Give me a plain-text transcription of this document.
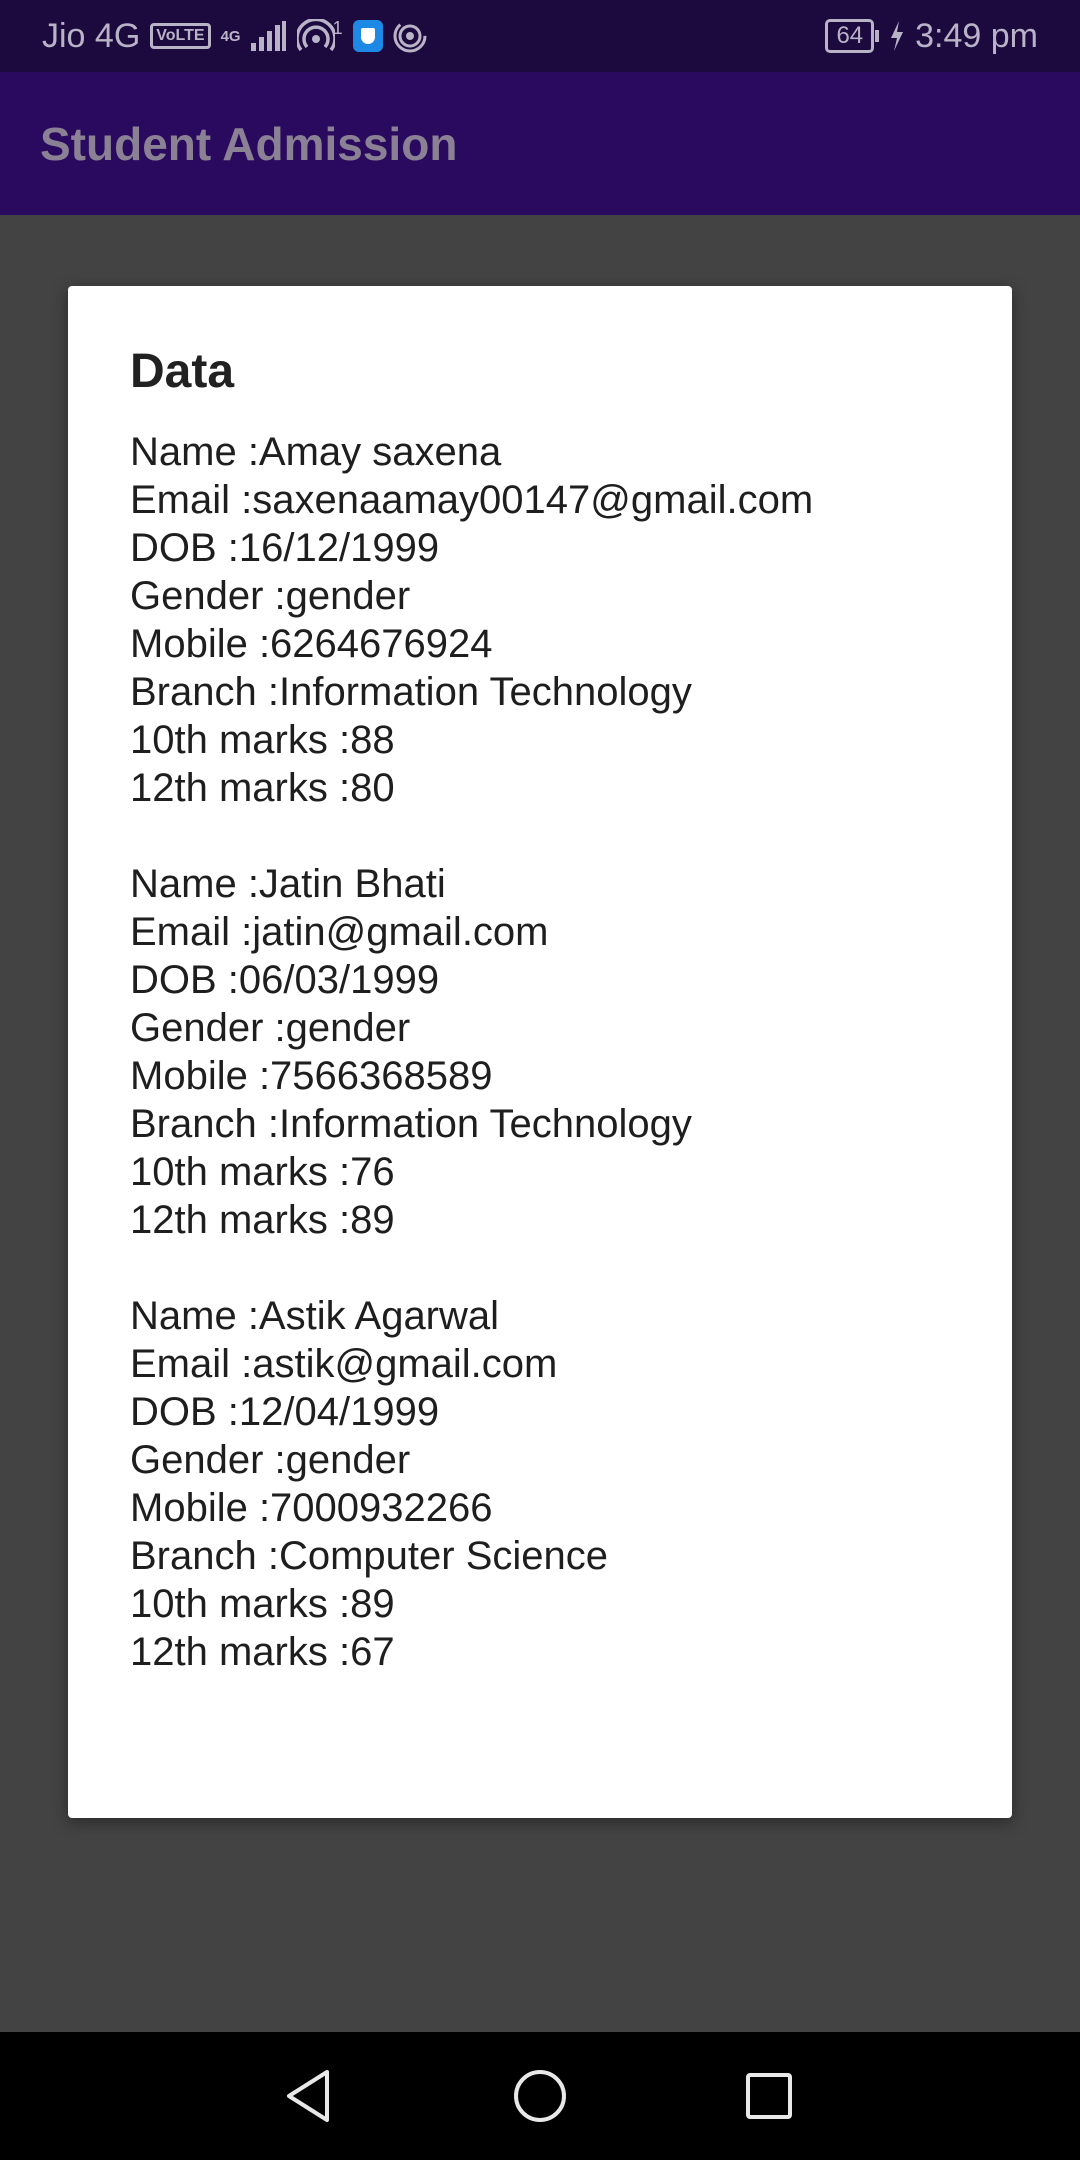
Jio 4G	VoLTE	4G	1	64	3:49 pm
Student Admission
Data
Name :Amay saxena
Email :saxenaamay00147@gmail.com
DOB :16/12/1999
Gender :gender
Mobile :6264676924
Branch :Information Technology
10th marks :88
12th marks :80
Name :Jatin Bhati
Email :jatin@gmail.com
DOB :06/03/1999
Gender :gender
Mobile :7566368589
Branch :Information Technology
10th marks :76
12th marks :89
Name :Astik Agarwal
Email :astik@gmail.com
DOB :12/04/1999
Gender :gender
Mobile :7000932266
Branch :Computer Science
10th marks :89
12th marks :67
